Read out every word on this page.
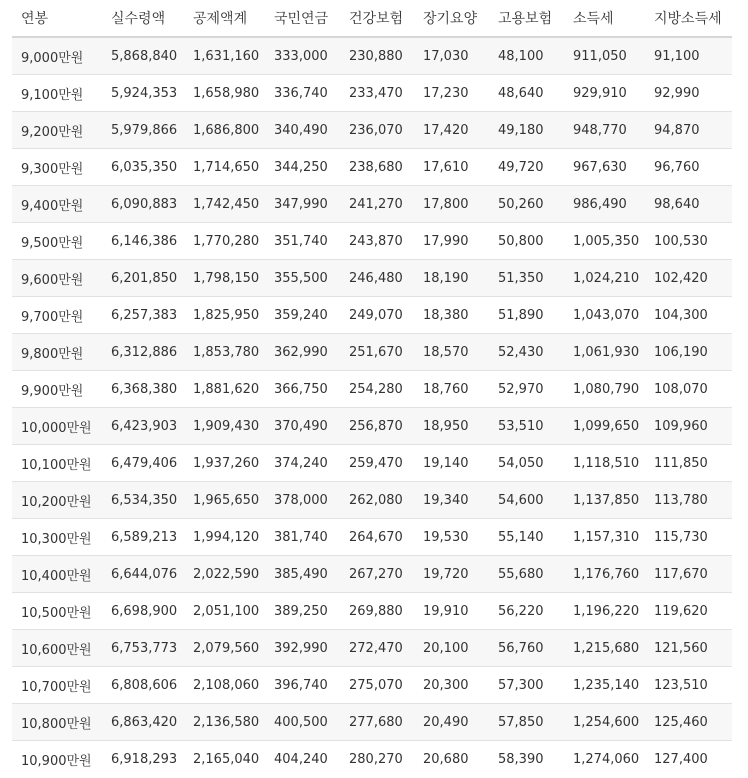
연봉	실수령액	공제액계	국민연금	건강보험	장기요양	고용보험	소득세	지방소득세
9,000만원	5,868,840	1,631,160	333,000	230,880	17,030	48,100	911,050	91,100
9,100만원	5,924,353	1,658,980	336,740	233,470	17,230	48,640	929,910	92,990
9,200만원	5,979,866	1,686,800	340,490	236,070	17,420	49,180	948,770	94,870
9,300만원	6,035,350	1,714,650	344,250	238,680	17,610	49,720	967,630	96,760
9,400만원	6,090,883	1,742,450	347,990	241,270	17,800	50,260	986,490	98,640
9,500만원	6,146,386	1,770,280	351,740	243,870	17,990	50,800	1,005,350	100,530
9,600만원	6,201,850	1,798,150	355,500	246,480	18,190	51,350	1,024,210	102,420
9,700만원	6,257,383	1,825,950	359,240	249,070	18,380	51,890	1,043,070	104,300
9,800만원	6,312,886	1,853,780	362,990	251,670	18,570	52,430	1,061,930	106,190
9,900만원	6,368,380	1,881,620	366,750	254,280	18,760	52,970	1,080,790	108,070
10,000만원	6,423,903	1,909,430	370,490	256,870	18,950	53,510	1,099,650	109,960
10,100만원	6,479,406	1,937,260	374,240	259,470	19,140	54,050	1,118,510	111,850
10,200만원	6,534,350	1,965,650	378,000	262,080	19,340	54,600	1,137,850	113,780
10,300만원	6,589,213	1,994,120	381,740	264,670	19,530	55,140	1,157,310	115,730
10,400만원	6,644,076	2,022,590	385,490	267,270	19,720	55,680	1,176,760	117,670
10,500만원	6,698,900	2,051,100	389,250	269,880	19,910	56,220	1,196,220	119,620
10,600만원	6,753,773	2,079,560	392,990	272,470	20,100	56,760	1,215,680	121,560
10,700만원	6,808,606	2,108,060	396,740	275,070	20,300	57,300	1,235,140	123,510
10,800만원	6,863,420	2,136,580	400,500	277,680	20,490	57,850	1,254,600	125,460
10,900만원	6,918,293	2,165,040	404,240	280,270	20,680	58,390	1,274,060	127,400
